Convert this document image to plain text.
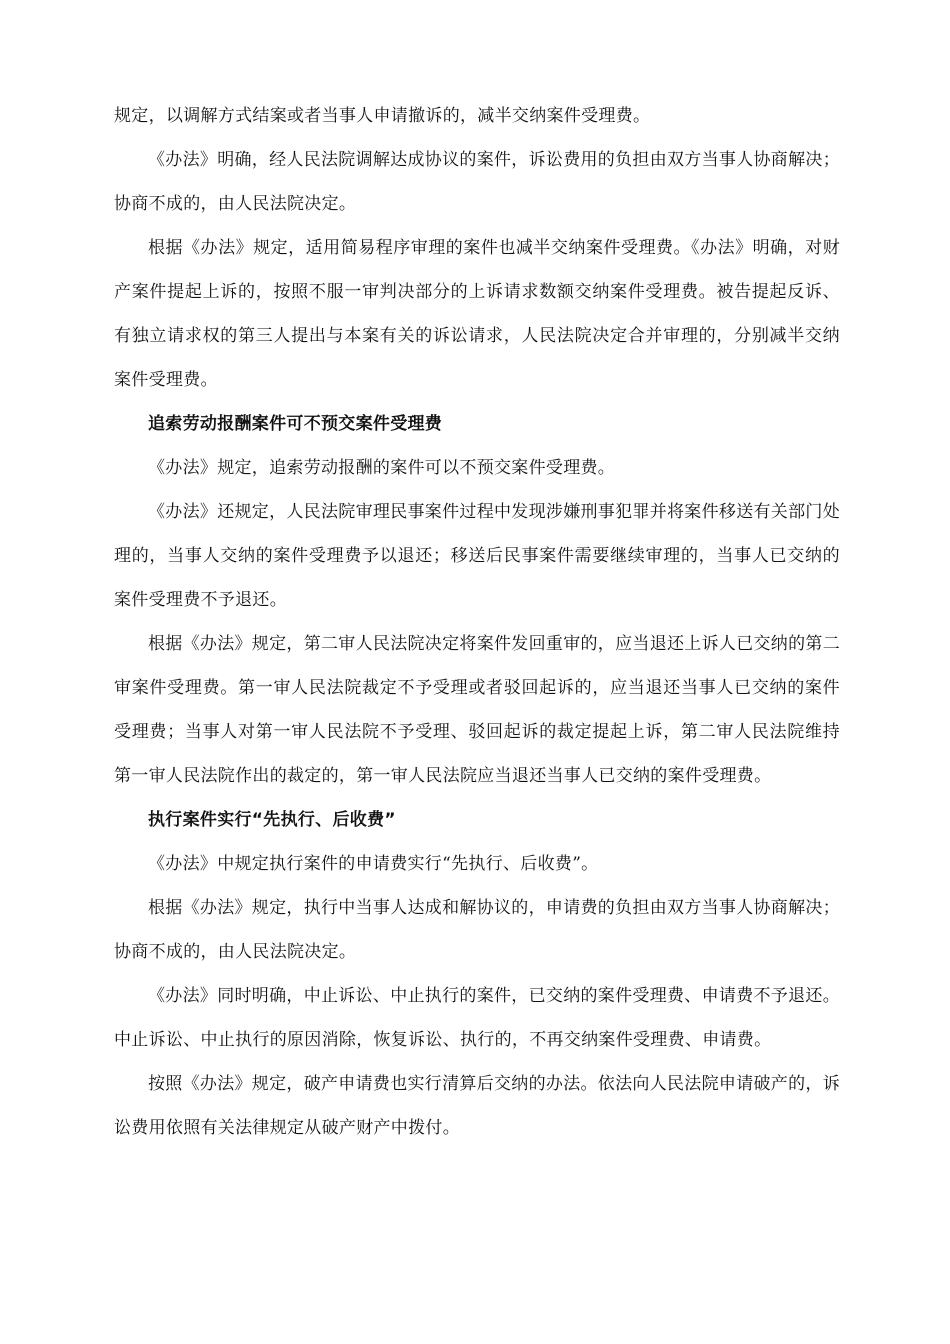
规定，以调解方式结案或者当事人申请撤诉的，减半交纳案件受理费。

《办法》明确，经人民法院调解达成协议的案件，诉讼费用的负担由双方当事人协商解决；协商不成的，由人民法院决定。

根据《办法》规定，适用简易程序审理的案件也减半交纳案件受理费。《办法》明确，对财产案件提起上诉的，按照不服一审判决部分的上诉请求数额交纳案件受理费。被告提起反诉、有独立请求权的第三人提出与本案有关的诉讼请求，人民法院决定合并审理的，分别减半交纳案件受理费。

追索劳动报酬案件可不预交案件受理费

《办法》规定，追索劳动报酬的案件可以不预交案件受理费。

《办法》还规定，人民法院审理民事案件过程中发现涉嫌刑事犯罪并将案件移送有关部门处理的，当事人交纳的案件受理费予以退还；移送后民事案件需要继续审理的，当事人已交纳的案件受理费不予退还。

根据《办法》规定，第二审人民法院决定将案件发回重审的，应当退还上诉人已交纳的第二审案件受理费。第一审人民法院裁定不予受理或者驳回起诉的，应当退还当事人已交纳的案件受理费；当事人对第一审人民法院不予受理、驳回起诉的裁定提起上诉，第二审人民法院维持第一审人民法院作出的裁定的，第一审人民法院应当退还当事人已交纳的案件受理费。

执行案件实行“先执行、后收费”

《办法》中规定执行案件的申请费实行“先执行、后收费”。

根据《办法》规定，执行中当事人达成和解协议的，申请费的负担由双方当事人协商解决；协商不成的，由人民法院决定。

《办法》同时明确，中止诉讼、中止执行的案件，已交纳的案件受理费、申请费不予退还。中止诉讼、中止执行的原因消除，恢复诉讼、执行的，不再交纳案件受理费、申请费。

按照《办法》规定，破产申请费也实行清算后交纳的办法。依法向人民法院申请破产的，诉讼费用依照有关法律规定从破产财产中拨付。
